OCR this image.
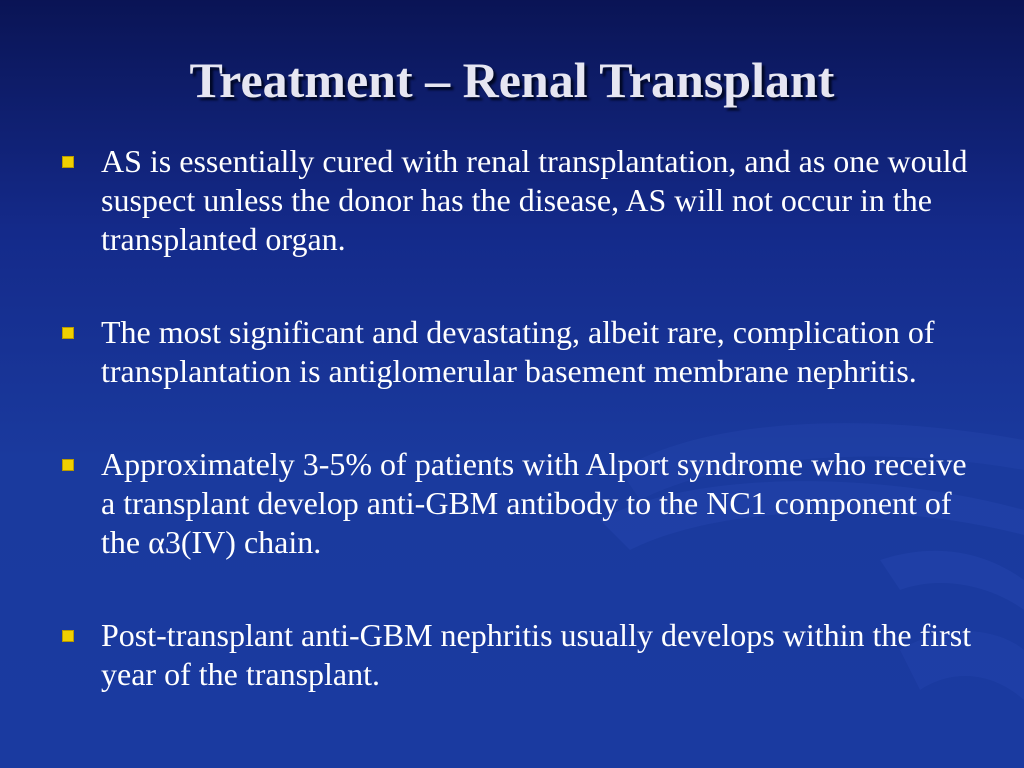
Treatment – Renal Transplant
AS is essentially cured with renal transplantation, and as one would suspect unless the donor has the disease, AS will not occur in the transplanted organ.
The most significant and devastating, albeit rare, complication of transplantation is antiglomerular basement membrane nephritis.
Approximately 3-5% of patients with Alport syndrome who receive a transplant develop anti-GBM antibody to the NC1 component of the α3(IV) chain.
Post-transplant anti-GBM nephritis usually develops within the first year of the transplant.
